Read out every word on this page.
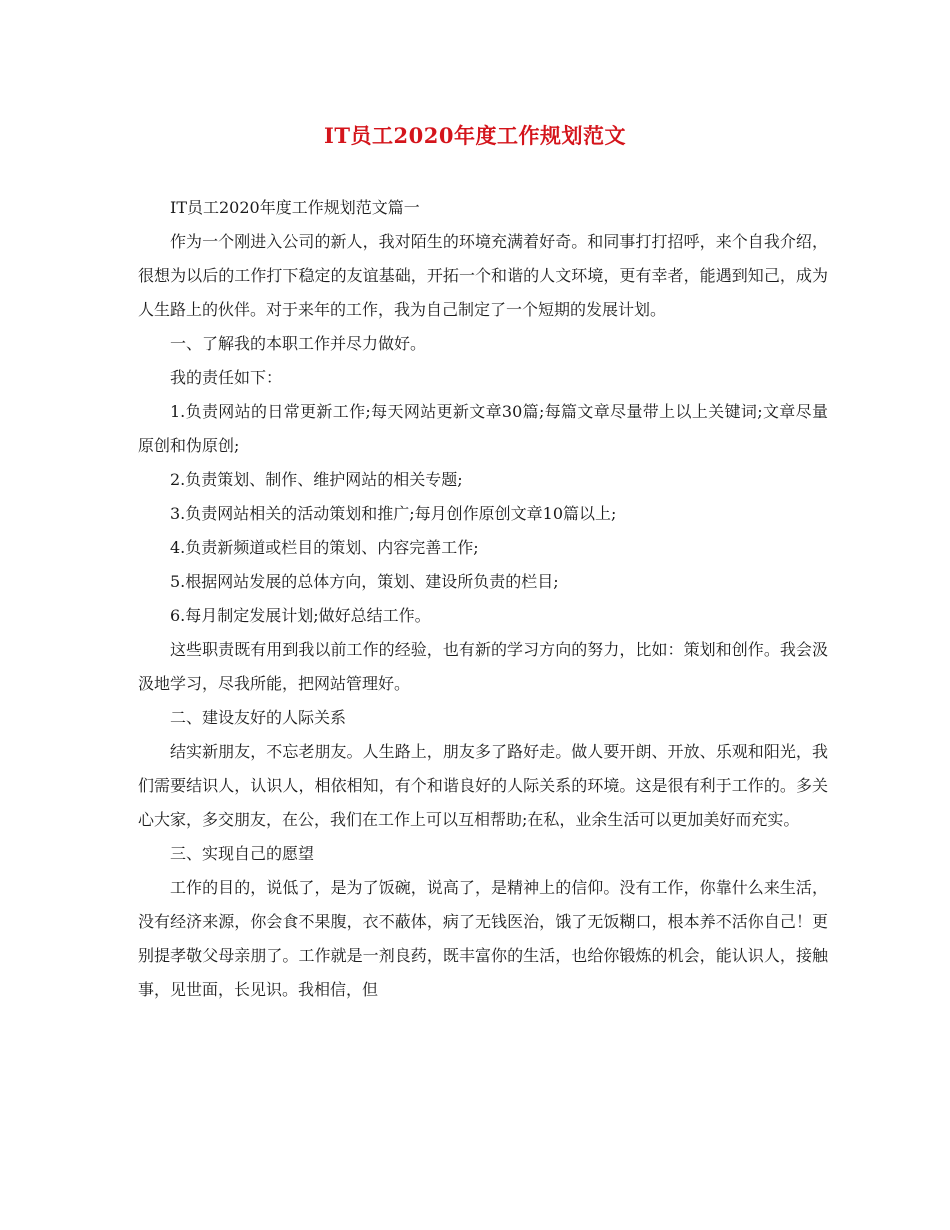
IT员工2020年度工作规划范文

IT员工2020年度工作规划范文篇一

作为一个刚进入公司的新人，我对陌生的环境充满着好奇。和同事打打招呼，来个自我介绍，很想为以后的工作打下稳定的友谊基础，开拓一个和谐的人文环境，更有幸者，能遇到知己，成为人生路上的伙伴。对于来年的工作，我为自己制定了一个短期的发展计划。

一、了解我的本职工作并尽力做好。

我的责任如下：

1.负责网站的日常更新工作;每天网站更新文章30篇;每篇文章尽量带上以上关键词;文章尽量原创和伪原创;

2.负责策划、制作、维护网站的相关专题;

3.负责网站相关的活动策划和推广;每月创作原创文章10篇以上;

4.负责新频道或栏目的策划、内容完善工作;

5.根据网站发展的总体方向，策划、建设所负责的栏目;

6.每月制定发展计划;做好总结工作。

这些职责既有用到我以前工作的经验，也有新的学习方向的努力，比如：策划和创作。我会汲汲地学习，尽我所能，把网站管理好。

二、建设友好的人际关系

结实新朋友，不忘老朋友。人生路上，朋友多了路好走。做人要开朗、开放、乐观和阳光，我们需要结识人，认识人，相依相知，有个和谐良好的人际关系的环境。这是很有利于工作的。多关心大家，多交朋友，在公，我们在工作上可以互相帮助;在私，业余生活可以更加美好而充实。

三、实现自己的愿望

工作的目的，说低了，是为了饭碗，说高了，是精神上的信仰。没有工作，你靠什么来生活，没有经济来源，你会食不果腹，衣不蔽体，病了无钱医治，饿了无饭糊口，根本养不活你自己！更别提孝敬父母亲朋了。工作就是一剂良药，既丰富你的生活，也给你锻炼的机会，能认识人，接触事，见世面，长见识。我相信，但
